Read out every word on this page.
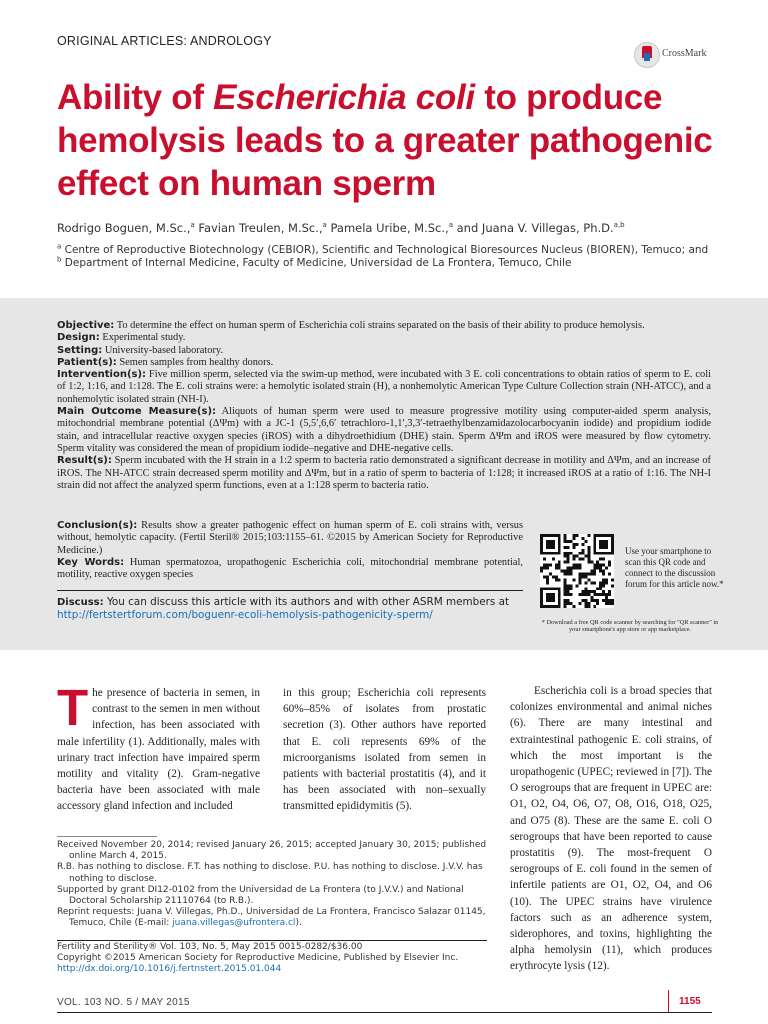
ORIGINAL ARTICLES: ANDROLOGY
CrossMark
Ability of Escherichia coli to produce hemolysis leads to a greater pathogenic effect on human sperm
Rodrigo Boguen, M.Sc.,$^a$ Favian Treulen, M.Sc.,$^a$ Pamela Uribe, M.Sc.,$^a$ and Juana V. Villegas, Ph.D.$^{a,b}$
$^a$ Centre of Reproductive Biotechnology (CEBIOR), Scientific and Technological Bioresources Nucleus (BIOREN), Temuco; and
$^b$ Department of Internal Medicine, Faculty of Medicine, Universidad de La Frontera, Temuco, Chile

Objective: To determine the effect on human sperm of Escherichia coli strains separated on the basis of their ability to produce hemolysis.

Design: Experimental study.

Setting: University-based laboratory.

Patient(s): Semen samples from healthy donors.

Intervention(s): Five million sperm, selected via the swim-up method, were incubated with 3 E. coli concentrations to obtain ratios of sperm to E. coli of 1:2, 1:16, and 1:128. The E. coli strains were: a hemolytic isolated strain (H), a nonhemolytic American Type Culture Collection strain (NH-ATCC), and a nonhemolytic isolated strain (NH-I).

Main Outcome Measure(s): Aliquots of human sperm were used to measure progressive motility using computer-aided sperm analysis, mitochondrial membrane potential (ΔΨm) with a JC-1 (5,5′,6,6′ tetrachloro-1,1′,3,3′-tetraethylbenzamidazolocarbocyanin iodide) and propidium iodide stain, and intracellular reactive oxygen species (iROS) with a dihydroethidium (DHE) stain. Sperm ΔΨm and iROS were measured by flow cytometry. Sperm vitality was considered the mean of propidium iodide–negative and DHE-negative cells.

Result(s): Sperm incubated with the H strain in a 1:2 sperm to bacteria ratio demonstrated a significant decrease in motility and ΔΨm, and an increase of iROS. The NH-ATCC strain decreased sperm motility and ΔΨm, but in a ratio of sperm to bacteria of 1:128; it increased iROS at a ratio of 1:16. The NH-I strain did not affect the analyzed sperm functions, even at a 1:128 sperm to bacteria ratio.

Conclusion(s): Results show a greater pathogenic effect on human sperm of E. coli strains with, versus without, hemolytic capacity. (Fertil Steril® 2015;103:1155–61. ©2015 by American Society for Reproductive Medicine.)

Key Words: Human spermatozoa, uropathogenic Escherichia coli, mitochondrial membrane potential, motility, reactive oxygen species

Discuss: You can discuss this article with its authors and with other ASRM members at http://fertstertforum.com/boguenr-ecoli-hemolysis-pathogenicity-sperm/
Use your smartphone to scan this QR code and connect to the discussion forum for this article now.*
* Download a free QR code scanner by searching for "QR scanner" in your smartphone's app store or app marketplace.
T he presence of bacteria in semen, in contrast to the semen in men without infection, has been associated with male infertility (1). Additionally, males with urinary tract infection have impaired sperm motility and vitality (2). Gram-negative bacteria have been associated with male accessory gland infection and included

in this group; Escherichia coli represents 60%–85% of isolates from prostatic secretion (3). Other authors have reported that E. coli represents 69% of the microorganisms isolated from semen in patients with bacterial prostatitis (4), and it has been associated with non–sexually transmitted epididymitis (5).

Escherichia coli is a broad species that colonizes environmental and animal niches (6). There are many intestinal and extraintestinal pathogenic E. coli strains, of which the most important is the uropathogenic (UPEC; reviewed in [7]). The O serogroups that are frequent in UPEC are: O1, O2, O4, O6, O7, O8, O16, O18, O25, and O75 (8). These are the same E. coli O serogroups that have been reported to cause prostatitis (9). The most-frequent O serogroups of E. coli found in the semen of infertile patients are O1, O2, O4, and O6 (10). The UPEC strains have virulence factors such as an adherence system, siderophores, and toxins, highlighting the alpha hemolysin (11), which produces erythrocyte lysis (12).

Received November 20, 2014; revised January 26, 2015; accepted January 30, 2015; published online March 4, 2015.

R.B. has nothing to disclose. F.T. has nothing to disclose. P.U. has nothing to disclose. J.V.V. has nothing to disclose.

Supported by grant DI12-0102 from the Universidad de La Frontera (to J.V.V.) and National Doctoral Scholarship 21110764 (to R.B.).

Reprint requests: Juana V. Villegas, Ph.D., Universidad de La Frontera, Francisco Salazar 01145, Temuco, Chile (E-mail: juana.villegas@ufrontera.cl).

Fertility and Sterility® Vol. 103, No. 5, May 2015 0015-0282/$36.00
Copyright ©2015 American Society for Reproductive Medicine, Published by Elsevier Inc.
http://dx.doi.org/10.1016/j.fertnstert.2015.01.044
VOL. 103 NO. 5 / MAY 2015	1155
